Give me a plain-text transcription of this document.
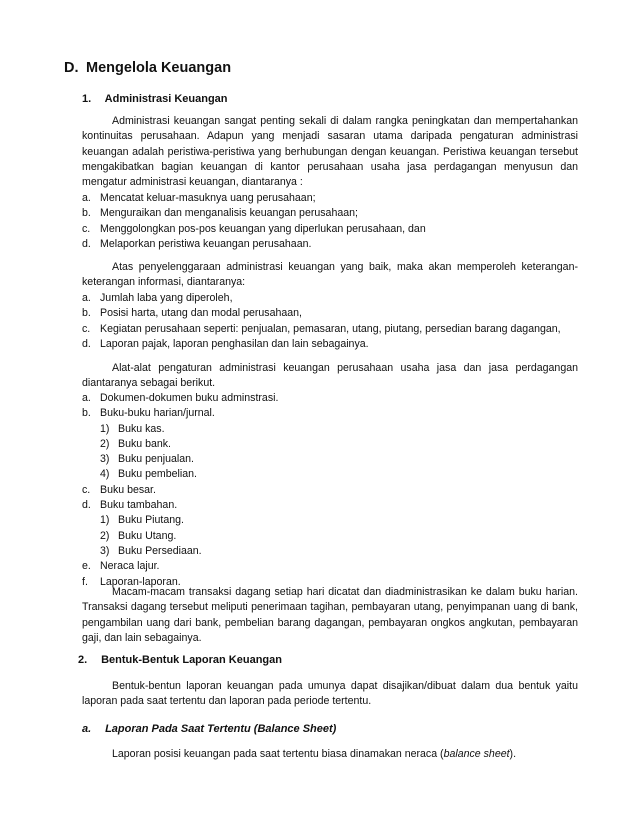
D. Mengelola Keuangan
1. Administrasi Keuangan

Administrasi keuangan sangat penting sekali di dalam rangka peningkatan dan mempertahankan kontinuitas perusahaan. Adapun yang menjadi sasaran utama daripada pengaturan administrasi keuangan adalah peristiwa-peristiwa yang berhubungan dengan keuangan. Peristiwa keuangan tersebut mengakibatkan bagian keuangan di kantor perusahaan usaha jasa perdagangan menyusun dan mengatur administrasi keuangan, diantaranya :

a. Mencatat keluar-masuknya uang perusahaan;
b. Menguraikan dan menganalisis keuangan perusahaan;
c. Menggolongkan pos-pos keuangan yang diperlukan perusahaan, dan
d. Melaporkan peristiwa keuangan perusahaan.

Atas penyelenggaraan administrasi keuangan yang baik, maka akan memperoleh keterangan-keterangan informasi, diantaranya:

a. Jumlah laba yang diperoleh,
b. Posisi harta, utang dan modal perusahaan,
c. Kegiatan perusahaan seperti: penjualan, pemasaran, utang, piutang, persedian barang dagangan,
d. Laporan pajak, laporan penghasilan dan lain sebagainya.

Alat-alat pengaturan administrasi keuangan perusahaan usaha jasa dan jasa perdagangan diantaranya sebagai berikut.

a. Dokumen-dokumen buku adminstrasi.
b. Buku-buku harian/jurnal.
1) Buku kas.
2) Buku bank.
3) Buku penjualan.
4) Buku pembelian.
c. Buku besar.
d. Buku tambahan.
1) Buku Piutang.
2) Buku Utang.
3) Buku Persediaan.
e. Neraca lajur.
f. Laporan-laporan.

Macam-macam transaksi dagang setiap hari dicatat dan diadministrasikan ke dalam buku harian. Transaksi dagang tersebut meliputi penerimaan tagihan, pembayaran utang, penyimpanan uang di bank, pengambilan uang dari bank, pembelian barang dagangan, pembayaran ongkos angkutan, pembayaran gaji, dan lain sebagainya.

2. Bentuk-Bentuk Laporan Keuangan

Bentuk-bentun laporan keuangan pada umunya dapat disajikan/dibuat dalam dua bentuk yaitu laporan pada saat tertentu dan laporan pada periode tertentu.

a. Laporan Pada Saat Tertentu (Balance Sheet)

Laporan posisi keuangan pada saat tertentu biasa dinamakan neraca (balance sheet).
